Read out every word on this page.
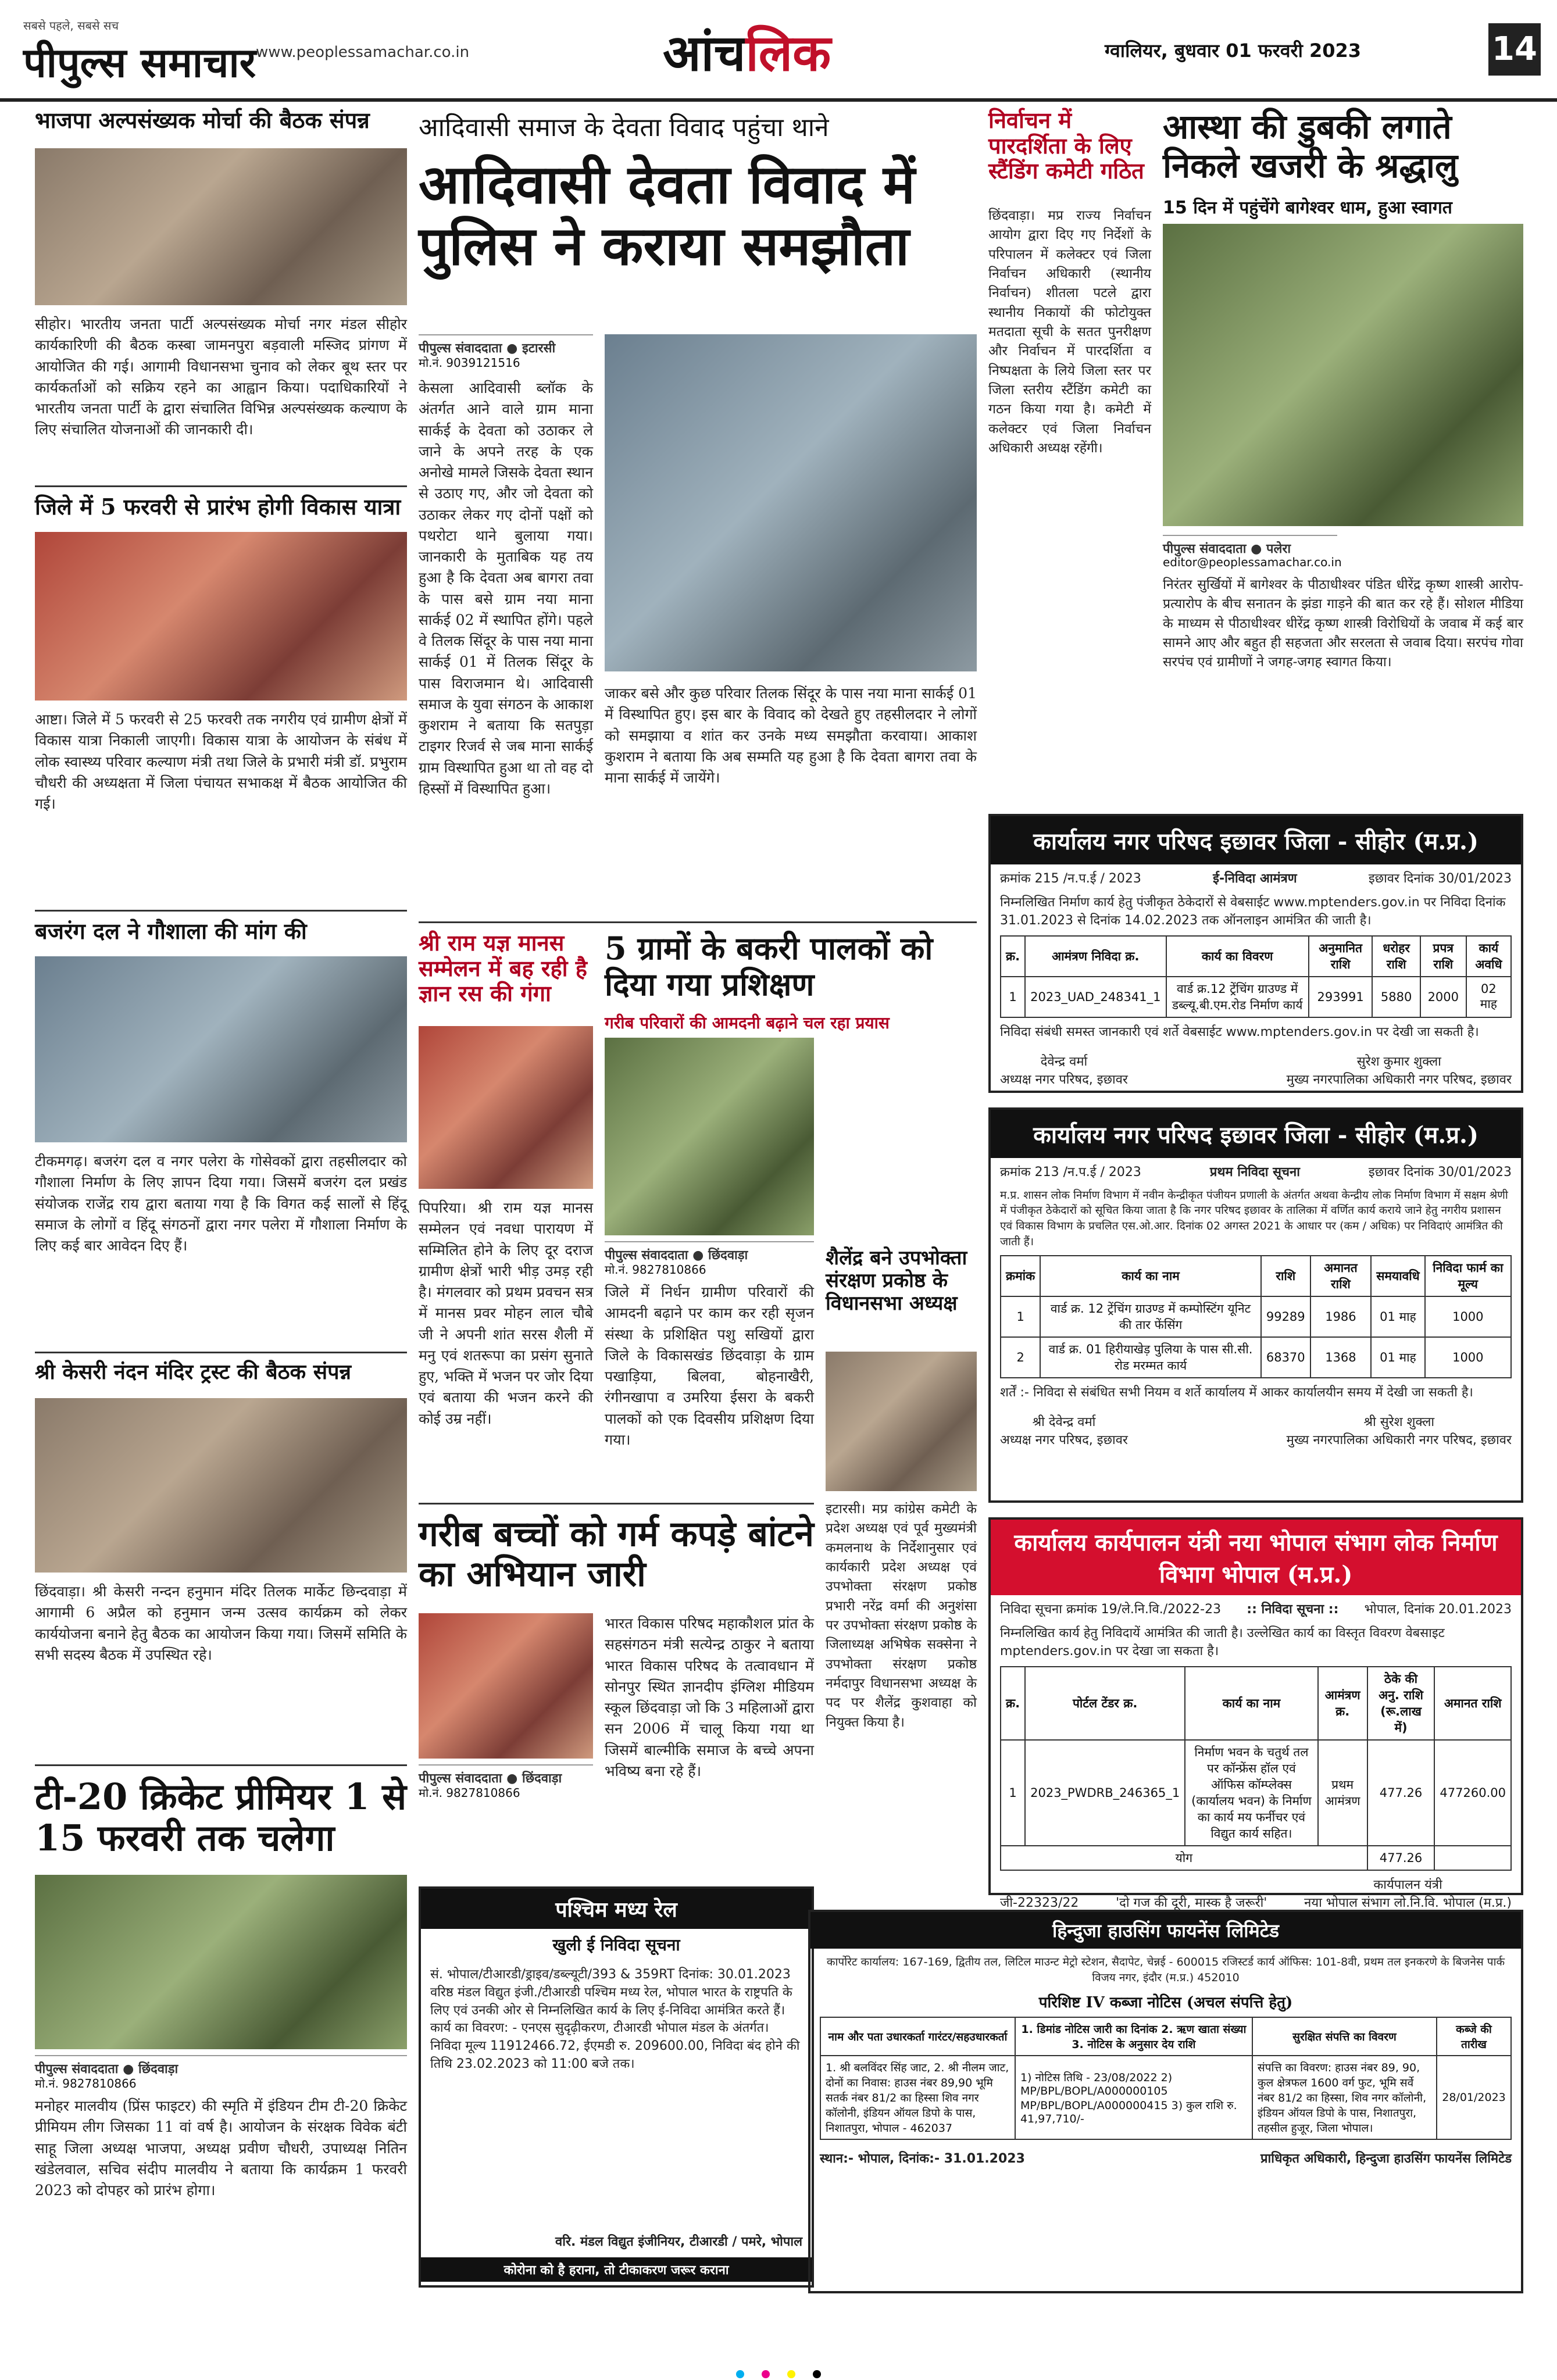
सबसे पहले, सबसे सच
पीपुल्स समाचार www.peoplessamachar.co.in	आंचलिक	ग्वालियर, बुधवार 01 फरवरी 2023	14
भाजपा अल्पसंख्यक मोर्चा की बैठक संपन्न
सीहोर। भारतीय जनता पार्टी अल्पसंख्यक मोर्चा नगर मंडल सीहोर कार्यकारिणी की बैठक कस्बा जामनपुरा बड़वाली मस्जिद प्रांगण में आयोजित की गई। आगामी विधानसभा चुनाव को लेकर बूथ स्तर पर कार्यकर्ताओं को सक्रिय रहने का आह्वान किया। पदाधिकारियों ने भारतीय जनता पार्टी के द्वारा संचालित विभिन्न अल्पसंख्यक कल्याण के लिए संचालित योजनाओं की जानकारी दी।
जिले में 5 फरवरी से प्रारंभ होगी विकास यात्रा
आष्टा। जिले में 5 फरवरी से 25 फरवरी तक नगरीय एवं ग्रामीण क्षेत्रों में विकास यात्रा निकाली जाएगी। विकास यात्रा के आयोजन के संबंध में लोक स्वास्थ्य परिवार कल्याण मंत्री तथा जिले के प्रभारी मंत्री डॉ. प्रभुराम चौधरी की अध्यक्षता में जिला पंचायत सभाकक्ष में बैठक आयोजित की गई।
बजरंग दल ने गौशाला की मांग की
टीकमगढ़। बजरंग दल व नगर पलेरा के गोसेवकों द्वारा तहसीलदार को गौशाला निर्माण के लिए ज्ञापन दिया गया। जिसमें बजरंग दल प्रखंड संयोजक राजेंद्र राय द्वारा बताया गया है कि विगत कई सालों से हिंदू समाज के लोगों व हिंदू संगठनों द्वारा नगर पलेरा में गौशाला निर्माण के लिए कई बार आवेदन दिए हैं।
श्री केसरी नंदन मंदिर ट्रस्ट की बैठक संपन्न
छिंदवाड़ा। श्री केसरी नन्दन हनुमान मंदिर तिलक मार्केट छिन्दवाड़ा में आगामी 6 अप्रैल को हनुमान जन्म उत्सव कार्यक्रम को लेकर कार्ययोजना बनाने हेतु बैठक का आयोजन किया गया। जिसमें समिति के सभी सदस्य बैठक में उपस्थित रहे।
टी-20 क्रिकेट प्रीमियर 1 से 15 फरवरी तक चलेगा
पीपुल्स संवाददाता ● छिंदवाड़ा
मो.नं. 9827810866
मनोहर मालवीय (प्रिंस फाइटर) की स्मृति में इंडियन टीम टी-20 क्रिकेट प्रीमियम लीग जिसका 11 वां वर्ष है। आयोजन के संरक्षक विवेक बंटी साहू जिला अध्यक्ष भाजपा, अध्यक्ष प्रवीण चौधरी, उपाध्यक्ष नितिन खंडेलवाल, सचिव संदीप मालवीय ने बताया कि कार्यक्रम 1 फरवरी 2023 को दोपहर को प्रारंभ होगा।
आदिवासी समाज के देवता विवाद पहुंचा थाने
आदिवासी देवता विवाद में पुलिस ने कराया समझौता
पीपुल्स संवाददाता ● इटारसी
मो.नं. 9039121516
केसला आदिवासी ब्लॉक के अंतर्गत आने वाले ग्राम माना सार्कई के देवता को उठाकर ले जाने के अपने तरह के एक अनोखे मामले जिसके देवता स्थान से उठाए गए, और जो देवता को उठाकर लेकर गए दोनों पक्षों को पथरोटा थाने बुलाया गया। जानकारी के मुताबिक यह तय हुआ है कि देवता अब बागरा तवा के पास बसे ग्राम नया माना सार्कई 02 में स्थापित होंगे। पहले वे तिलक सिंदूर के पास नया माना सार्कई 01 में तिलक सिंदूर के पास विराजमान थे। आदिवासी समाज के युवा संगठन के आकाश कुशराम ने बताया कि सतपुड़ा टाइगर रिजर्व से जब माना सार्कई ग्राम विस्थापित हुआ था तो वह दो हिस्सों में विस्थापित हुआ।
जाकर बसे और कुछ परिवार तिलक सिंदूर के पास नया माना सार्कई 01 में विस्थापित हुए। इस बार के विवाद को देखते हुए तहसीलदार ने लोगों को समझाया व शांत कर उनके मध्य समझौता करवाया। आकाश कुशराम ने बताया कि अब सम्मति यह हुआ है कि देवता बागरा तवा के माना सार्कई में जायेंगे।
श्री राम यज्ञ मानस सम्मेलन में बह रही है ज्ञान रस की गंगा
पिपरिया। श्री राम यज्ञ मानस सम्मेलन एवं नवधा पारायण में सम्मिलित होने के लिए दूर दराज ग्रामीण क्षेत्रों भारी भीड़ उमड़ रही है। मंगलवार को प्रथम प्रवचन सत्र में मानस प्रवर मोहन लाल चौबे जी ने अपनी शांत सरस शैली में मनु एवं शतरूपा का प्रसंग सुनाते हुए, भक्ति में भजन पर जोर दिया एवं बताया की भजन करने की कोई उम्र नहीं।
5 ग्रामों के बकरी पालकों को दिया गया प्रशिक्षण
गरीब परिवारों की आमदनी बढ़ाने चल रहा प्रयास
पीपुल्स संवाददाता ● छिंदवाड़ा
मो.नं. 9827810866
जिले में निर्धन ग्रामीण परिवारों की आमदनी बढ़ाने पर काम कर रही सृजन संस्था के प्रशिक्षित पशु सखियों द्वारा जिले के विकासखंड छिंदवाड़ा के ग्राम पखाड़िया, बिलवा, बोहनाखैरी, रंगीनखापा व उमरिया ईसरा के बकरी पालकों को एक दिवसीय प्रशिक्षण दिया गया।
शैलेंद्र बने उपभोक्ता संरक्षण प्रकोष्ठ के विधानसभा अध्यक्ष
इटारसी। मप्र कांग्रेस कमेटी के प्रदेश अध्यक्ष एवं पूर्व मुख्यमंत्री कमलनाथ के निर्देशानुसार एवं कार्यकारी प्रदेश अध्यक्ष एवं उपभोक्ता संरक्षण प्रकोष्ठ प्रभारी नरेंद्र वर्मा की अनुशंसा पर उपभोक्ता संरक्षण प्रकोष्ठ के जिलाध्यक्ष अभिषेक सक्सेना ने उपभोक्ता संरक्षण प्रकोष्ठ नर्मदापुर विधानसभा अध्यक्ष के पद पर शैलेंद्र कुशवाहा को नियुक्त किया है।
गरीब बच्चों को गर्म कपड़े बांटने का अभियान जारी
पीपुल्स संवाददाता ● छिंदवाड़ा
मो.नं. 9827810866
भारत विकास परिषद महाकौशल प्रांत के सहसंगठन मंत्री सत्येन्द्र ठाकुर ने बताया भारत विकास परिषद के तत्वावधान में सोनपुर स्थित ज्ञानदीप इंग्लिश मीडियम स्कूल छिंदवाड़ा जो कि 3 महिलाओं द्वारा सन 2006 में चालू किया गया था जिसमें बाल्मीकि समाज के बच्चे अपना भविष्य बना रहे हैं।
पश्चिम मध्य रेल
खुली ई निविदा सूचना
सं. भोपाल/टीआरडी/ड्राइव/डब्ल्यूटी/393 & 359RT दिनांक: 30.01.2023 वरिष्ठ मंडल विद्युत इंजी./टीआरडी पश्चिम मध्य रेल, भोपाल भारत के राष्ट्रपति के लिए एवं उनकी ओर से निम्नलिखित कार्य के लिए ई-निविदा आमंत्रित करते हैं। कार्य का विवरण: - एनएस सुदृढ़ीकरण, टीआरडी भोपाल मंडल के अंतर्गत। निविदा मूल्य 11912466.72, ईएमडी रु. 209600.00, निविदा बंद होने की तिथि 23.02.2023 को 11:00 बजे तक।
वरि. मंडल विद्युत इंजीनियर, टीआरडी / पमरे, भोपाल
कोरोना को है हराना, तो टीकाकरण जरूर कराना
निर्वाचन में पारदर्शिता के लिए स्टैंडिंग कमेटी गठित
छिंदवाड़ा। मप्र राज्य निर्वाचन आयोग द्वारा दिए गए निर्देशों के परिपालन में कलेक्टर एवं जिला निर्वाचन अधिकारी (स्थानीय निर्वाचन) शीतला पटले द्वारा स्थानीय निकायों की फोटोयुक्त मतदाता सूची के सतत पुनरीक्षण और निर्वाचन में पारदर्शिता व निष्पक्षता के लिये जिला स्तर पर जिला स्तरीय स्टैंडिंग कमेटी का गठन किया गया है। कमेटी में कलेक्टर एवं जिला निर्वाचन अधिकारी अध्यक्ष रहेंगी।
आस्था की डुबकी लगाते निकले खजरी के श्रद्धालु
15 दिन में पहुंचेंगे बागेश्वर धाम, हुआ स्वागत
पीपुल्स संवाददाता ● पलेरा
editor@peoplessamachar.co.in
निरंतर सुर्खियों में बागेश्वर के पीठाधीश्वर पंडित धीरेंद्र कृष्ण शास्त्री आरोप-प्रत्यारोप के बीच सनातन के झंडा गाड़ने की बात कर रहे हैं। सोशल मीडिया के माध्यम से पीठाधीश्वर धीरेंद्र कृष्ण शास्त्री विरोधियों के जवाब में कई बार सामने आए और बहुत ही सहजता और सरलता से जवाब दिया। सरपंच गोवा सरपंच एवं ग्रामीणों ने जगह-जगह स्वागत किया।
कार्यालय नगर परिषद इछावर जिला - सीहोर (म.प्र.)
क्रमांक 215 /न.प.ई / 2023	ई-निविदा आमंत्रण	इछावर दिनांक 30/01/2023
निम्नलिखित निर्माण कार्य हेतु पंजीकृत ठेकेदारों से वेबसाईट www.mptenders.gov.in पर निविदा दिनांक 31.01.2023 से दिनांक 14.02.2023 तक ऑनलाइन आमंत्रित की जाती है।
क्र.	आमंत्रण निविदा क्र.	कार्य का विवरण	अनुमानित राशि	धरोहर राशि	प्रपत्र राशि	कार्य अवधि
1	2023_UAD_248341_1	वार्ड क्र.12 ट्रेंचिंग ग्राउण्ड में डब्ल्यू.बी.एम.रोड निर्माण कार्य	293991	5880	2000	02 माह
निविदा संबंधी समस्त जानकारी एवं शर्ते वेबसाईट www.mptenders.gov.in पर देखी जा सकती है।
देवेन्द्र वर्मा
अध्यक्ष नगर परिषद, इछावर
सुरेश कुमार शुक्ला
मुख्य नगरपालिका अधिकारी नगर परिषद, इछावर
कार्यालय नगर परिषद इछावर जिला - सीहोर (म.प्र.)
क्रमांक 213 /न.प.ई / 2023	प्रथम निविदा सूचना	इछावर दिनांक 30/01/2023
म.प्र. शासन लोक निर्माण विभाग में नवीन केन्द्रीकृत पंजीयन प्रणाली के अंतर्गत अथवा केन्द्रीय लोक निर्माण विभाग में सक्षम श्रेणी में पंजीकृत ठेकेदारों को सूचित किया जाता है कि नगर परिषद इछावर के तालिका में वर्णित कार्य कराये जाने हेतु नगरीय प्रशासन एवं विकास विभाग के प्रचलित एस.ओ.आर. दिनांक 02 अगस्त 2021 के आधार पर (कम / अधिक) पर निविदाएं आमंत्रित की जाती हैं।
क्रमांक	कार्य का नाम	राशि	अमानत राशि	समयावधि	निविदा फार्म का मूल्य
1	वार्ड क्र. 12 ट्रेंचिंग ग्राउण्ड में कम्पोस्टिंग यूनिट की तार फेंसिंग	99289	1986	01 माह	1000
2	वार्ड क्र. 01 हिरीयाखेड़ पुलिया के पास सी.सी. रोड मरम्मत कार्य	68370	1368	01 माह	1000
शर्तें :- निविदा से संबंधित सभी नियम व शर्ते कार्यालय में आकर कार्यालयीन समय में देखी जा सकती है।
श्री देवेन्द्र वर्मा
अध्यक्ष नगर परिषद, इछावर
श्री सुरेश शुक्ला
मुख्य नगरपालिका अधिकारी नगर परिषद, इछावर
कार्यालय कार्यपालन यंत्री नया भोपाल संभाग लोक निर्माण विभाग भोपाल (म.प्र.)
निविदा सूचना क्रमांक 19/ले.नि.वि./2022-23 :: निविदा सूचना :: भोपाल, दिनांक 20.01.2023
निम्नलिखित कार्य हेतु निविदायें आमंत्रित की जाती है। उल्लेखित कार्य का विस्तृत विवरण वेबसाइट mptenders.gov.in पर देखा जा सकता है।
क्र.	पोर्टल टेंडर क्र.	कार्य का नाम	आमंत्रण क्र.	ठेके की अनु. राशि (रू.लाख में)	अमानत राशि
1	2023_PWDRB_246365_1	निर्माण भवन के चतुर्थ तल पर कॉन्फ्रेंस हॉल एवं ऑफिस कॉम्प्लेक्स (कार्यालय भवन) के निर्माण का कार्य मय फर्नीचर एवं विद्युत कार्य सहित।	प्रथम आमंत्रण	477.26	477260.00
योग				477.26	
जी-22323/22	'दो गज की दूरी, मास्क है जरूरी'
कार्यपालन यंत्री
नया भोपाल संभाग लो.नि.वि. भोपाल (म.प्र.)
हिन्दुजा हाउसिंग फायनेंस लिमिटेड
कार्पोरेट कार्यालय: 167-169, द्वितीय तल, लिटिल माउन्ट मेट्रो स्टेशन, सैदापेट, चेन्नई - 600015 रजिस्टर्ड कार्य ऑफिस: 101-8वी, प्रथम तल इनकरणे के बिजनेस पार्क विजय नगर, इंदौर (म.प्र.) 452010
परिशिष्ट IV कब्जा नोटिस (अचल संपत्ति हेतु)
नाम और पता उधारकर्ता गारंटर/सहउधारकर्ता	1. डिमांड नोटिस जारी का दिनांक 2. ऋण खाता संख्या 3. नोटिस के अनुसार देय राशि	सुरक्षित संपत्ति का विवरण	कब्जे की तारीख
1. श्री बलविंदर सिंह जाट, 2. श्री नीलम जाट, दोनों का निवास: हाउस नंबर 89,90 भूमि सतर्क नंबर 81/2 का हिस्सा शिव नगर कॉलोनी, इंडियन ऑयल डिपो के पास, निशातपुरा, भोपाल - 462037	1) नोटिस तिथि - 23/08/2022 2) MP/BPL/BOPL/A000000105 MP/BPL/BOPL/A000000415 3) कुल राशि रु. 41,97,710/-	संपत्ति का विवरण: हाउस नंबर 89, 90, कुल क्षेत्रफल 1600 वर्ग फुट, भूमि सर्वे नंबर 81/2 का हिस्सा, शिव नगर कॉलोनी, इंडियन ऑयल डिपो के पास, निशातपुरा, तहसील हुजूर, जिला भोपाल।	28/01/2023
स्थान:- भोपाल, दिनांक:- 31.01.2023	प्राधिकृत अधिकारी, हिन्दुजा हाउसिंग फायनेंस लिमिटेड
